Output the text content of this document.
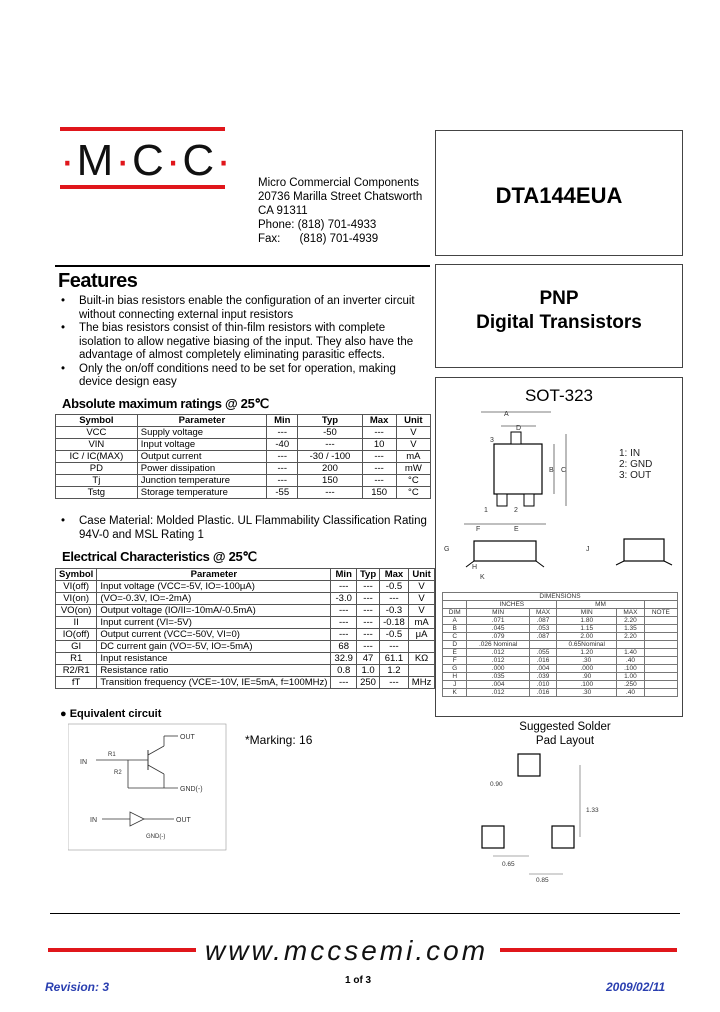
·M·C·C· Micro Commercial Components
20736 Marilla Street Chatsworth
CA 91311
Phone: (818) 701-4933
Fax: (818) 701-4939
DTA144EUA
PNP
Digital Transistors
SOT-323
A
D
3
1	2
B C
F	E
1: IN
2: GND
3: OUT
G	J
K
H
DIMENSIONS					
	INCHES		MM		
DIM	MIN	MAX	MIN	MAX	NOTE
A	.071	.087	1.80	2.20	
B	.045	.053	1.15	1.35	
C	.079	.087	2.00	2.20	
D	.026 Nominal		0.65Nominal		
E	.012	.055	1.20	1.40	
F	.012	.016	.30	.40	
G	.000	.004	.000	.100	
H	.035	.039	.90	1.00	
J	.004	.010	.100	.250	
K	.012	.016	.30	.40	
Features
• Built-in bias resistors enable the configuration of an inverter circuit without connecting external input resistors
• The bias resistors consist of thin-film resistors with complete isolation to allow negative biasing of the input. They also have the advantage of almost completely eliminating parasitic effects.
• Only the on/off conditions need to be set for operation, making device design easy
Absolute maximum ratings @ 25℃
Symbol	Parameter	Min	Typ	Max	Unit
VCC	Supply voltage	---	-50	---	V
VIN	Input voltage	-40	---	10	V
IC / IC(MAX)	Output current	---	-30 / -100	---	mA
PD	Power dissipation	---	200	---	mW
Tj	Junction temperature	---	150	---	°C
Tstg	Storage temperature	-55	---	150	°C
• Case Material: Molded Plastic. UL Flammability Classification Rating 94V-0 and MSL Rating 1
Electrical Characteristics @ 25℃
Symbol	Parameter	Min	Typ	Max	Unit
VI(off)	Input voltage (VCC=-5V, IO=-100μA)	---	---	-0.5	V
VI(on)	(VO=-0.3V, IO=-2mA)	-3.0	---	---	V
VO(on)	Output voltage (IO/II=-10mA/-0.5mA)	---	---	-0.3	V
II	Input current (VI=-5V)	---	---	-0.18	mA
IO(off)	Output current (VCC=-50V, VI=0)	---	---	-0.5	μA
GI	DC current gain (VO=-5V, IO=-5mA)	68	---	---	
R1	Input resistance	32.9	47	61.1	KΩ
R2/R1	Resistance ratio	0.8	1.0	1.2	
fT	Transition frequency (VCE=-10V, IE=5mA, f=100MHz)	---	250	---	MHz
● Equivalent circuit
*Marking: 16
IN
R1
R2
OUT
GND(-)
IN	OUT
GND(-)
Suggested Solder
Pad Layout
0.90
1.33
0.65
0.85
www.mccsemi.com
Revision: 3	1 of 3	2009/02/11
